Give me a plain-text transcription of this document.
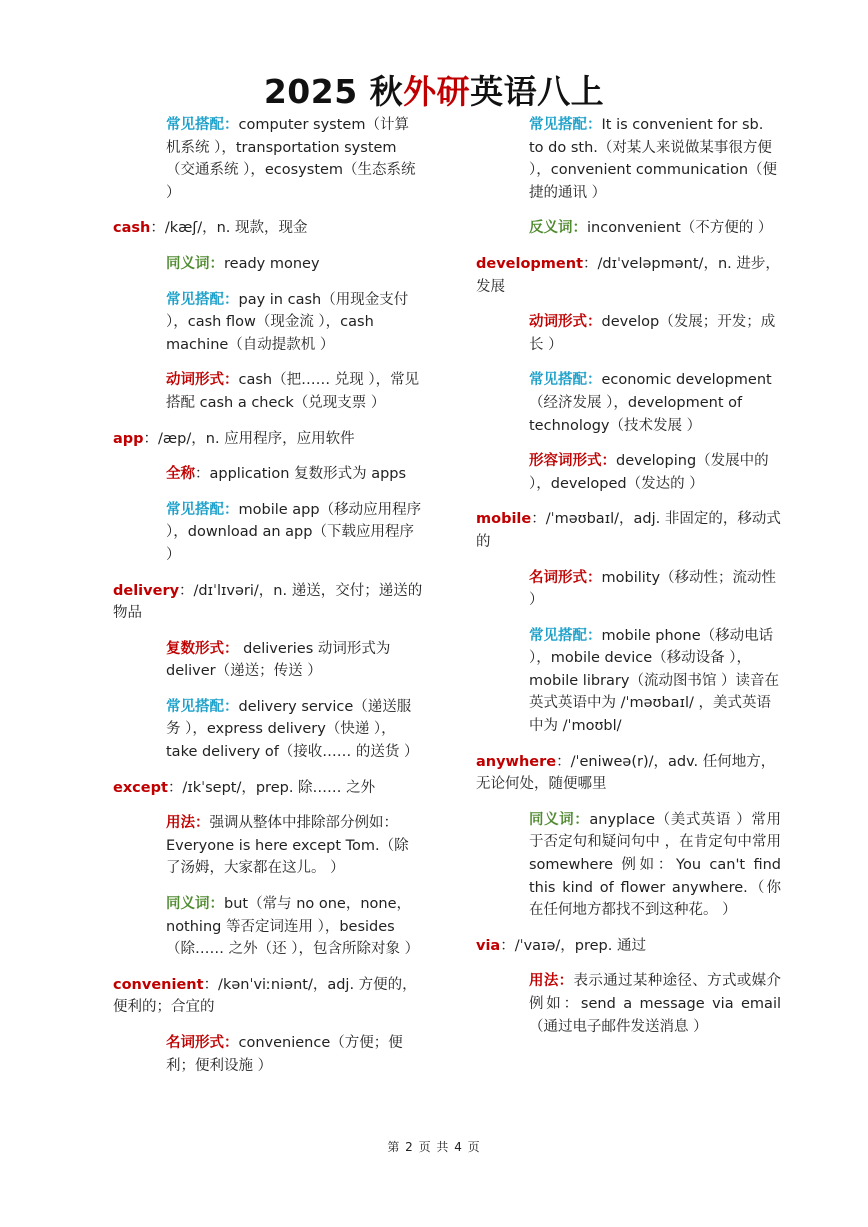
2025 秋外研英语八上
常见搭配：computer system（计算机系统 ），transportation system（交通系统 ），ecosystem（生态系统 ）

cash：/kæʃ/，n. 现款，现金

同义词：ready money
常见搭配：pay in cash（用现金支付 ），cash flow（现金流 ），cash machine（自动提款机 ）
动词形式：cash（把…… 兑现 ），常见搭配 cash a check（兑现支票 ）

app：/æp/，n. 应用程序，应用软件

全称：application 复数形式为 apps
常见搭配：mobile app（移动应用程序 ），download an app（下载应用程序 ）

delivery：/dɪˈlɪvəri/，n. 递送，交付；递送的物品

复数形式： deliveries 动词形式为 deliver（递送；传送 ）
常见搭配：delivery service（递送服务 ），express delivery（快递 ），take delivery of（接收…… 的送货 ）

except：/ɪkˈsept/，prep. 除…… 之外

用法：强调从整体中排除部分例如：Everyone is here except Tom.（除了汤姆，大家都在这儿。 ）
同义词：but（常与 no one，none，nothing 等否定词连用 ），besides（除…… 之外（还 ），包含所除对象 ）

convenient：/kənˈviːniənt/，adj. 方便的，便利的；合宜的

名词形式：convenience（方便；便利；便利设施 ）
常见搭配：It is convenient for sb. to do sth.（对某人来说做某事很方便 ），convenient communication（便捷的通讯 ）
反义词：inconvenient（不方便的 ）

development：/dɪˈveləpmənt/，n. 进步，发展

动词形式：develop（发展；开发；成长 ）
常见搭配：economic development（经济发展 ），development of technology（技术发展 ）
形容词形式：developing（发展中的 ），developed（发达的 ）

mobile：/ˈməʊbaɪl/，adj. 非固定的，移动式的

名词形式：mobility（移动性；流动性 ）
常见搭配：mobile phone（移动电话 ），mobile device（移动设备 ），mobile library（流动图书馆 ）读音在英式英语中为 /ˈməʊbaɪl/ ，美式英语中为 /ˈmoʊbl/

anywhere：/ˈeniweə(r)/，adv. 任何地方，无论何处，随便哪里

同义词：anyplace（美式英语 ）常用于否定句和疑问句中 ，在肯定句中常用 somewhere 例如：You can't find this kind of flower anywhere.（你在任何地方都找不到这种花。 ）

via：/ˈvaɪə/，prep. 通过

用法：表示通过某种途径、方式或媒介例如：send a message via email（通过电子邮件发送消息 ）
第 2 页 共 4 页
